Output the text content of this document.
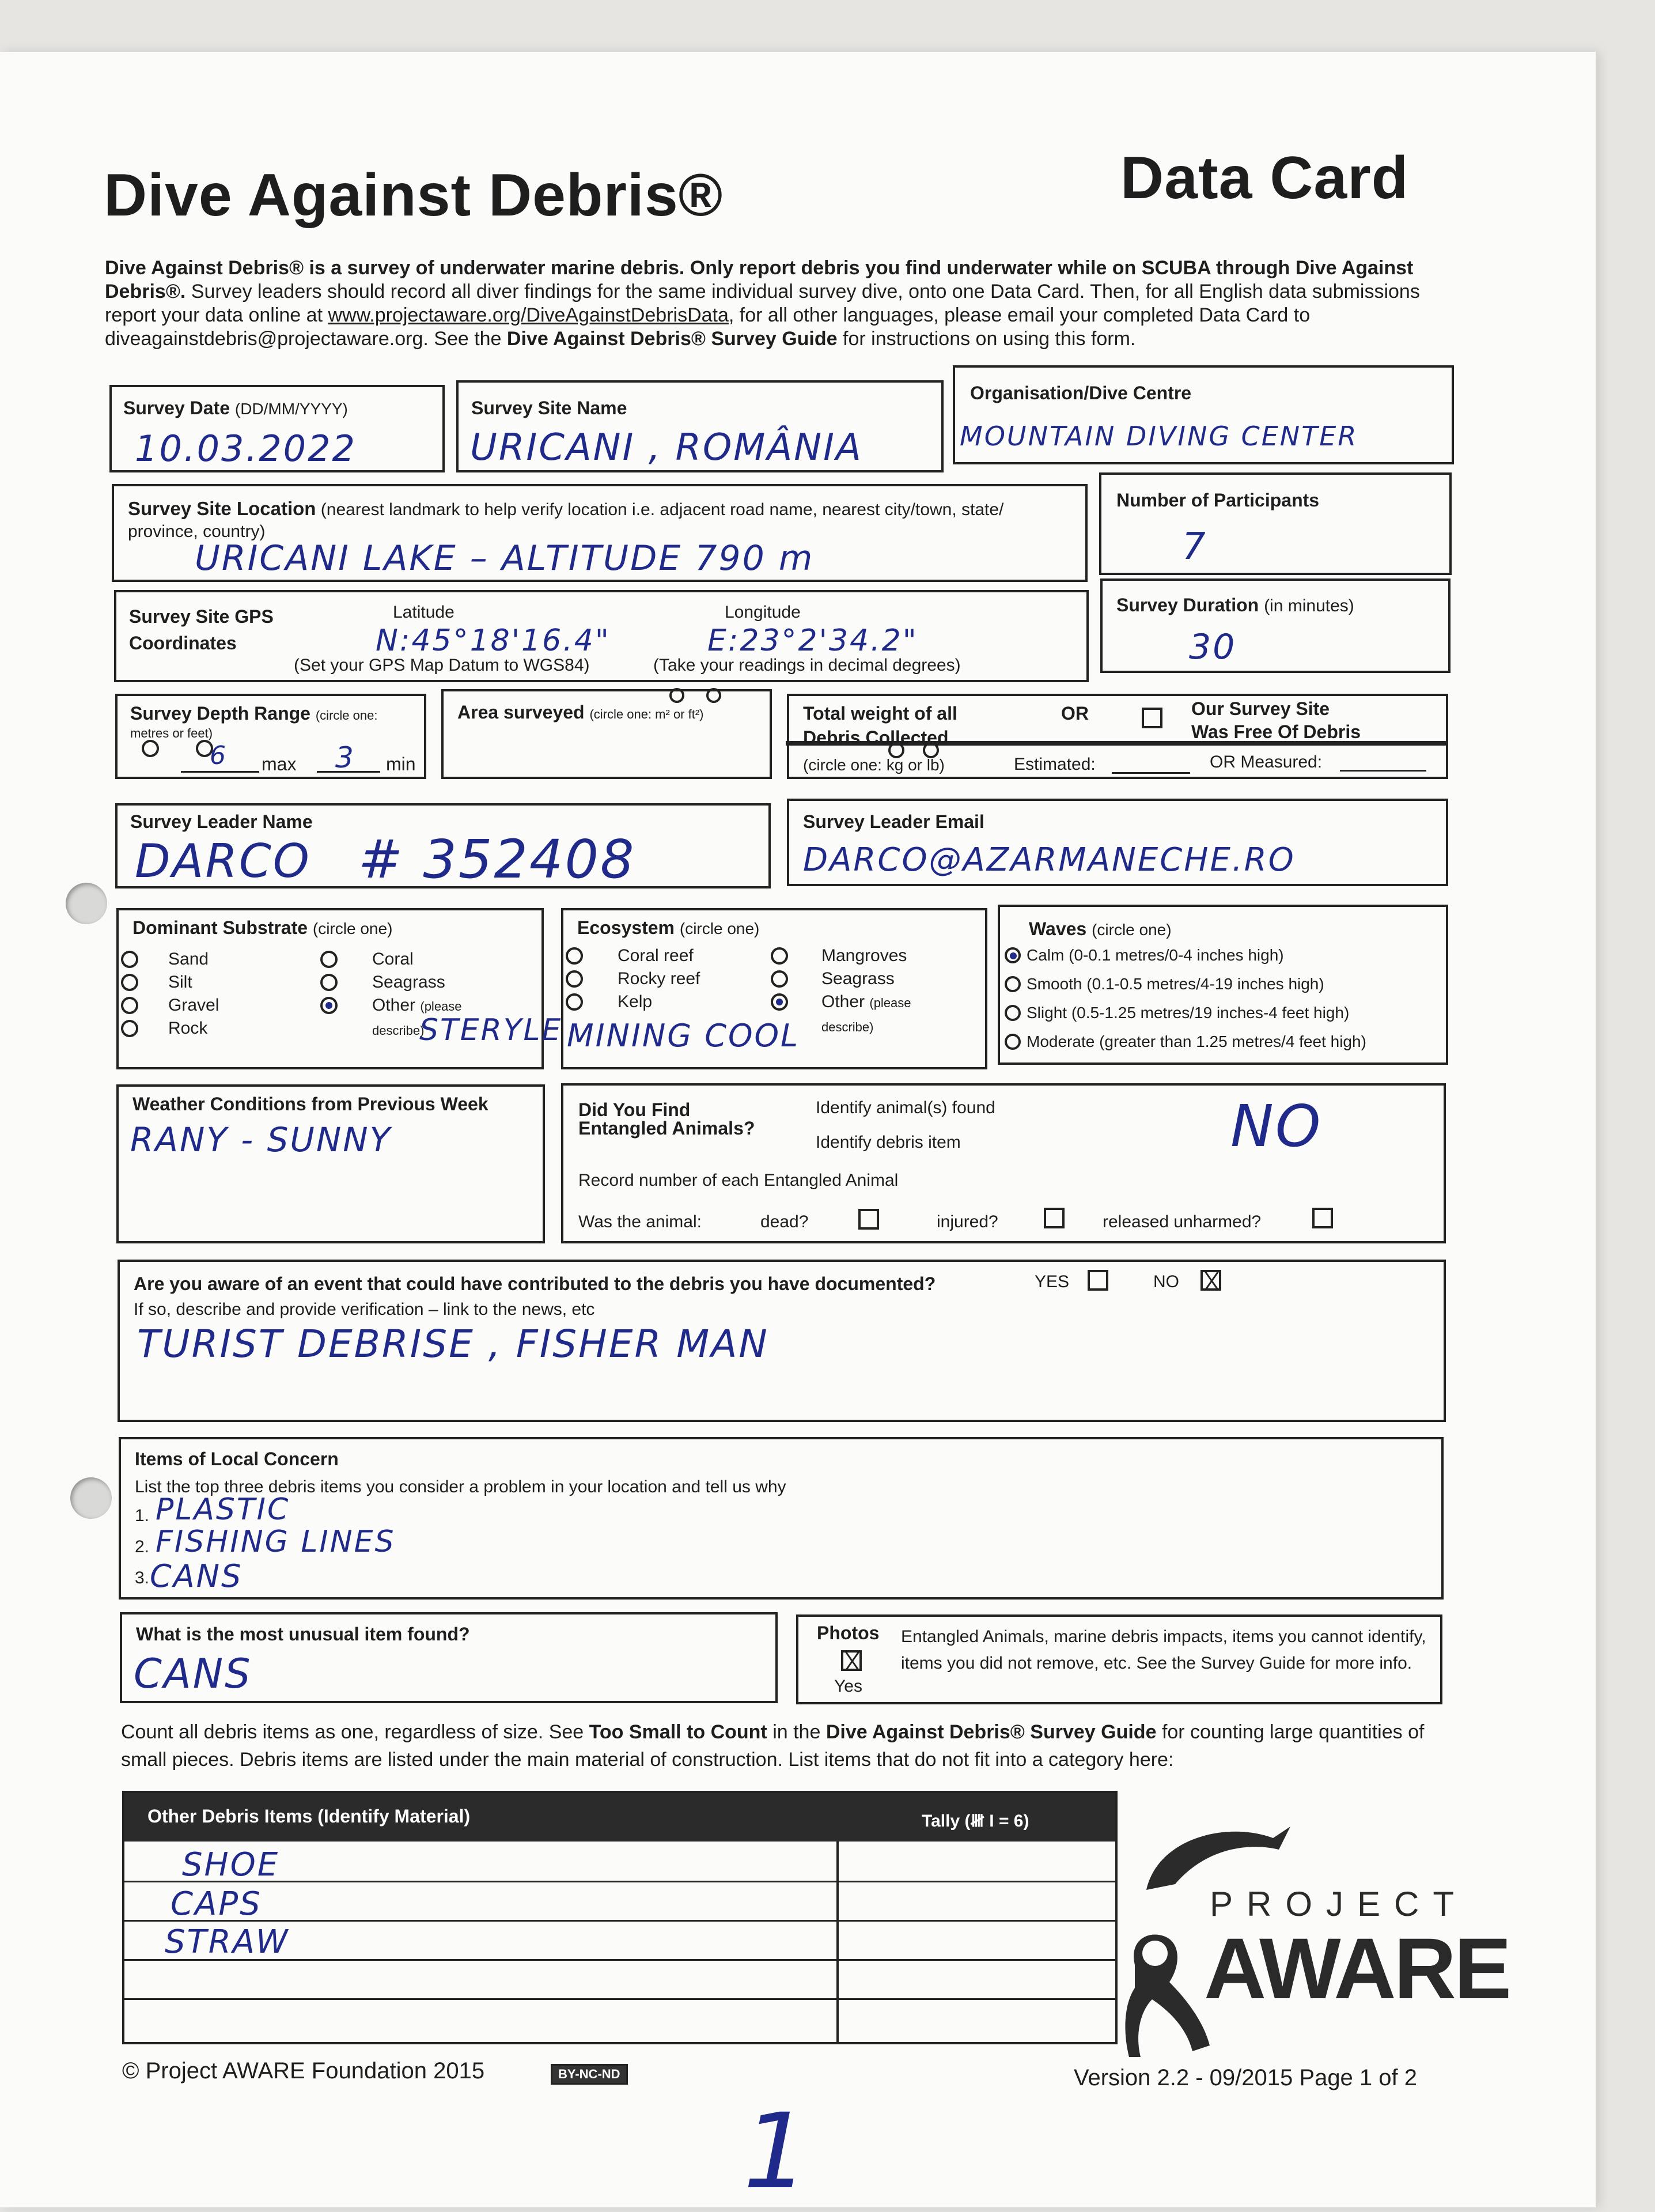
Dive Against Debris®	Data Card
Dive Against Debris® is a survey of underwater marine debris. Only report debris you find underwater while on SCUBA through Dive Against Debris®. Survey leaders should record all diver findings for the same individual survey dive, onto one Data Card. Then, for all English data submissions report your data online at www.projectaware.org/DiveAgainstDebrisData, for all other languages, please email your completed Data Card to diveagainstdebris@projectaware.org. See the Dive Against Debris® Survey Guide for instructions on using this form.
Survey Date (DD/MM/YYYY)
10.03.2022
Survey Site Name
URICANI , ROMÂNIA
Organisation/Dive Centre
MOUNTAIN DIVING CENTER
Survey Site Location (nearest landmark to help verify location i.e. adjacent road name, nearest city/town, state/ province, country)
URICANI LAKE – ALTITUDE 790 m
Number of Participants
7
Survey Site GPS
Coordinates
Latitude
N:45°18'16.4"
Longitude
E:23°2'34.2"
(Set your GPS Map Datum to WGS84)	(Take your readings in decimal degrees)
Survey Duration (in minutes)
30
Survey Depth Range (circle one:
metres or feet)
6 max 3 min
Area surveyed (circle one: m² or ft²)	Total weight of all
Debris Collected
(circle one: kg or lb)
OR	Our Survey Site
Was Free Of Debris
Estimated:	OR Measured:
Survey Leader Name
DARCO # 352408
Survey Leader Email
DARCO@AZARMANECHE.RO
Dominant Substrate (circle one)
Sand
Silt
Gravel
Rock
Coral
Seagrass
Other (please
describe)
STERYLE
Ecosystem (circle one)
Coral reef
Rocky reef
Kelp
Mangroves
Seagrass
Other (please
describe)
MINING COOL
Waves (circle one)
Calm (0-0.1 metres/0-4 inches high)
Smooth (0.1-0.5 metres/4-19 inches high)
Slight (0.5-1.25 metres/19 inches-4 feet high)
Moderate (greater than 1.25 metres/4 feet high)
Weather Conditions from Previous Week
RANY - SUNNY
Did You Find
Entangled Animals?
Identify animal(s) found
Identify debris item	NO
Record number of each Entangled Animal
Was the animal:	dead?	injured?	released unharmed?
Are you aware of an event that could have contributed to the debris you have documented?	YES	NO
If so, describe and provide verification – link to the news, etc
TURIST DEBRISE , FISHER MAN
Items of Local Concern
List the top three debris items you consider a problem in your location and tell us why
1. PLASTIC
2. FISHING LINES
3. CANS
What is the most unusual item found?
CANS
Photos
Yes
Entangled Animals, marine debris impacts, items you cannot identify, items you did not remove, etc. See the Survey Guide for more info.
Count all debris items as one, regardless of size. See Too Small to Count in the Dive Against Debris® Survey Guide for counting large quantities of small pieces. Debris items are listed under the main material of construction. List items that do not fit into a category here:
Other Debris Items (Identify Material)	Tally (𝍸 I = 6)
SHOE
CAPS
STRAW
PROJECT
AWARE
© Project AWARE Foundation 2015	BY-NC-ND	Version 2.2 - 09/2015 Page 1 of 2
1
